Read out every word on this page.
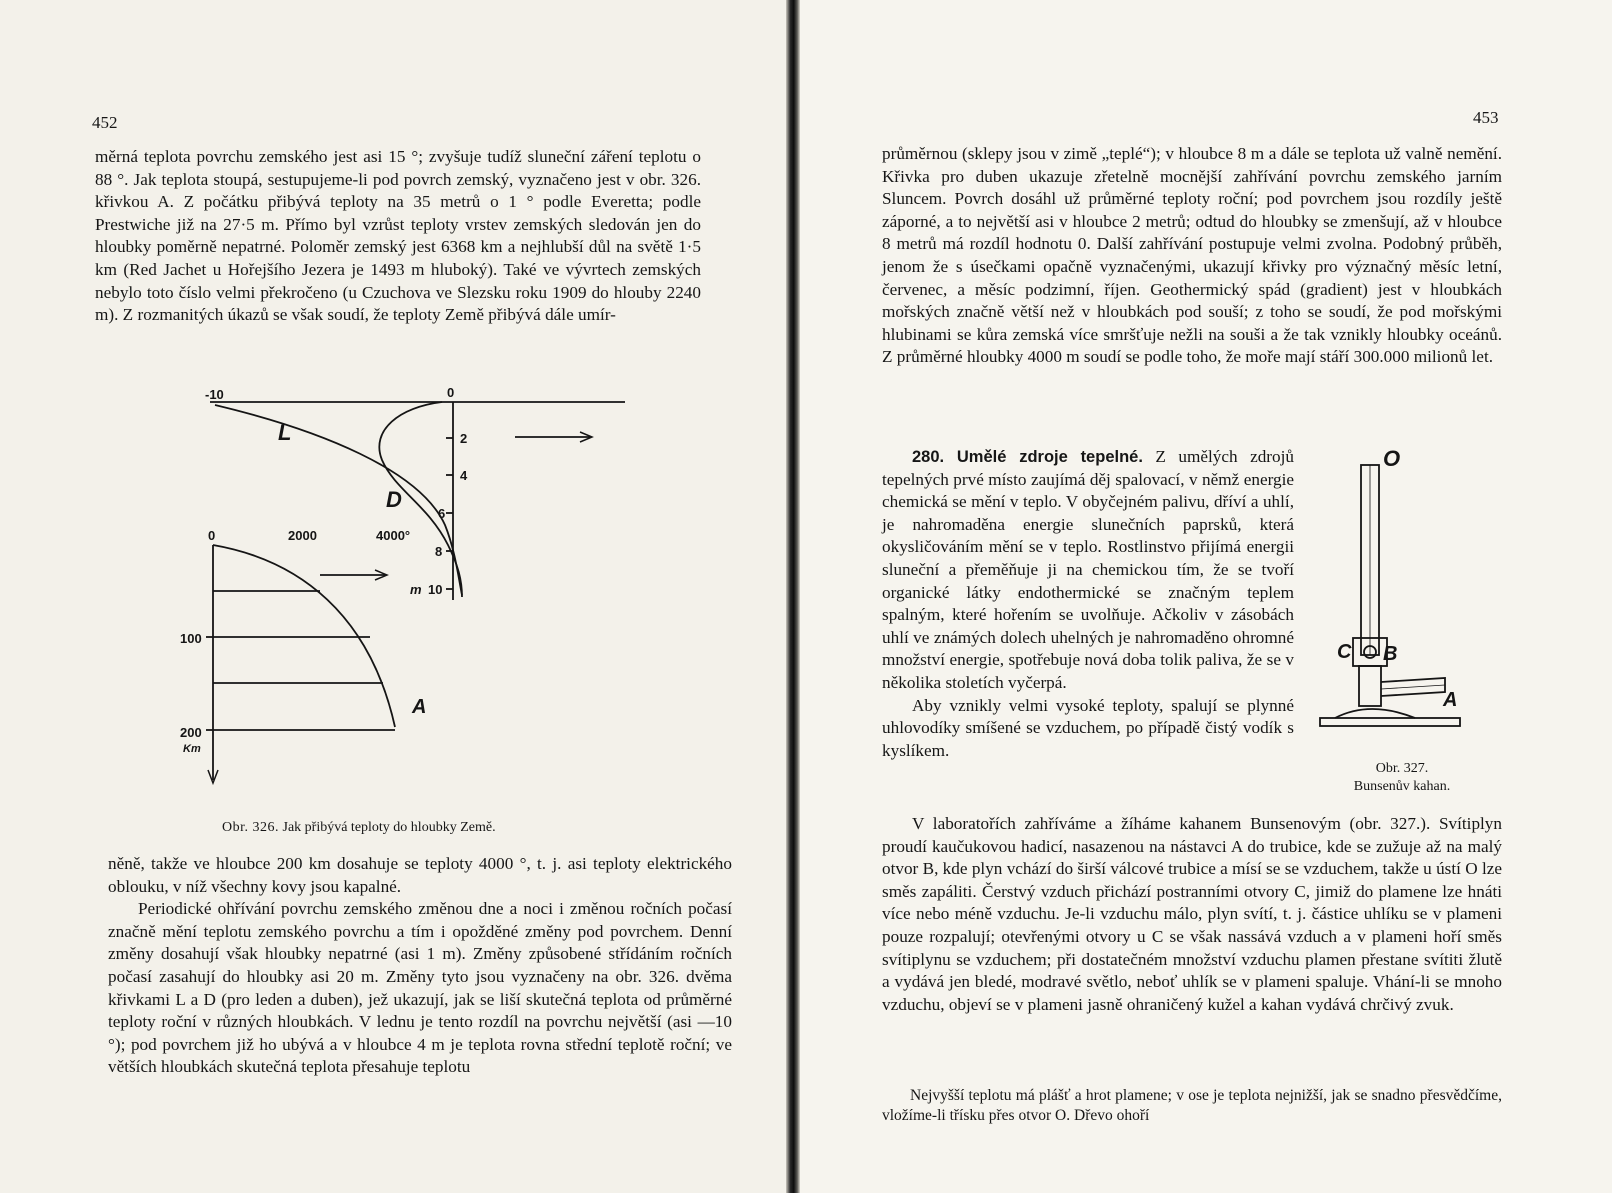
452

měrná teplota povrchu zemského jest asi 15 °; zvyšuje tudíž sluneční záření teplotu o 88 °. Jak teplota stoupá, sestupujeme-li pod povrch zemský, vyznačeno jest v obr. 326. křivkou A. Z počátku přibývá teploty na 35 metrů o 1 ° podle Everetta; podle Prestwiche již na 27·5 m. Přímo byl vzrůst teploty vrstev zemských sledován jen do hloubky poměrně nepatrné. Poloměr zemský jest 6368 km a nejhlubší důl na světě 1·5 km (Red Jachet u Hořejšího Jezera je 1493 m hluboký). Také ve vývrtech zemských nebylo toto číslo velmi překročeno (u Czuchova ve Slezsku roku 1909 do hlouby 2240 m). Z rozmanitých úkazů se však soudí, že teploty Země přibývá dále umír-

-10	0
2
4
6
8
10
m
L
D
A
0	2000	4000°
100
200
Km
Obr. 326. Jak přibývá teploty do hloubky Země.

něně, takže ve hloubce 200 km dosahuje se teploty 4000 °, t. j. asi teploty elektrického oblouku, v níž všechny kovy jsou kapalné.

Periodické ohřívání povrchu zemského změnou dne a noci i změnou ročních počasí značně mění teplotu zemského povrchu a tím i opožděné změny pod povrchem. Denní změny dosahují však hloubky nepatrné (asi 1 m). Změny způsobené střídáním ročních počasí zasahují do hloubky asi 20 m. Změny tyto jsou vyznačeny na obr. 326. dvěma křivkami L a D (pro leden a duben), jež ukazují, jak se liší skutečná teplota od průměrné teploty roční v různých hloubkách. V lednu je tento rozdíl na povrchu největší (asi —10 °); pod povrchem již ho ubývá a v hloubce 4 m je teplota rovna střední teplotě roční; ve větších hloubkách skutečná teplota přesahuje teplotu

453

průměrnou (sklepy jsou v zimě „teplé“); v hloubce 8 m a dále se teplota už valně nemění. Křivka pro duben ukazuje zřetelně mocnější zahřívání povrchu zemského jarním Sluncem. Povrch dosáhl už průměrné teploty roční; pod povrchem jsou rozdíly ještě záporné, a to největší asi v hloubce 2 metrů; odtud do hloubky se zmenšují, až v hloubce 8 metrů má rozdíl hodnotu 0. Další zahřívání postupuje velmi zvolna. Podobný průběh, jenom že s úsečkami opačně vyznačenými, ukazují křivky pro význačný měsíc letní, červenec, a měsíc podzimní, říjen. Geothermický spád (gradient) jest v hloubkách mořských značně větší než v hloubkách pod souší; z toho se soudí, že pod mořskými hlubinami se kůra zemská více smršťuje nežli na souši a že tak vznikly hloubky oceánů. Z průměrné hloubky 4000 m soudí se podle toho, že moře mají stáří 300.000 milionů let.

280. Umělé zdroje tepelné. Z umělých zdrojů tepelných prvé místo zaujímá děj spalovací, v němž energie chemická se mění v teplo. V obyčejném palivu, dříví a uhlí, je nahromaděna energie slunečních paprsků, která okysličováním mění se v teplo. Rostlinstvo přijímá energii sluneční a přeměňuje ji na chemickou tím, že se tvoří organické látky endothermické se značným teplem spalným, které hořením se uvolňuje. Ačkoliv v zásobách uhlí ve známých dolech uhelných je nahromaděno ohromné množství energie, spotřebuje nová doba tolik paliva, že se v několika stoletích vyčerpá.

Aby vznikly velmi vysoké teploty, spalují se plynné uhlovodíky smíšené se vzduchem, po případě čistý vodík s kyslíkem.

O
C B
A
Obr. 327.
Bunsenův kahan.

V laboratořích zahříváme a žíháme kahanem Bunsenovým (obr. 327.). Svítiplyn proudí kaučukovou hadicí, nasazenou na nástavci A do trubice, kde se zužuje až na malý otvor B, kde plyn vchází do širší válcové trubice a mísí se se vzduchem, takže u ústí O lze směs zapáliti. Čerstvý vzduch přichází postranními otvory C, jimiž do plamene lze hnáti více nebo méně vzduchu. Je-li vzduchu málo, plyn svítí, t. j. částice uhlíku se v plameni pouze rozpalují; otevřenými otvory u C se však nassává vzduch a v plameni hoří směs svítiplynu se vzduchem; při dostatečném množství vzduchu plamen přestane svítiti žlutě a vydává jen bledé, modravé světlo, neboť uhlík se v plameni spaluje. Vhání-li se mnoho vzduchu, objeví se v plameni jasně ohraničený kužel a kahan vydává chrčivý zvuk.

Nejvyšší teplotu má plášť a hrot plamene; v ose je teplota nejnižší, jak se snadno přesvědčíme, vložíme-li třísku přes otvor O. Dřevo ohoří
